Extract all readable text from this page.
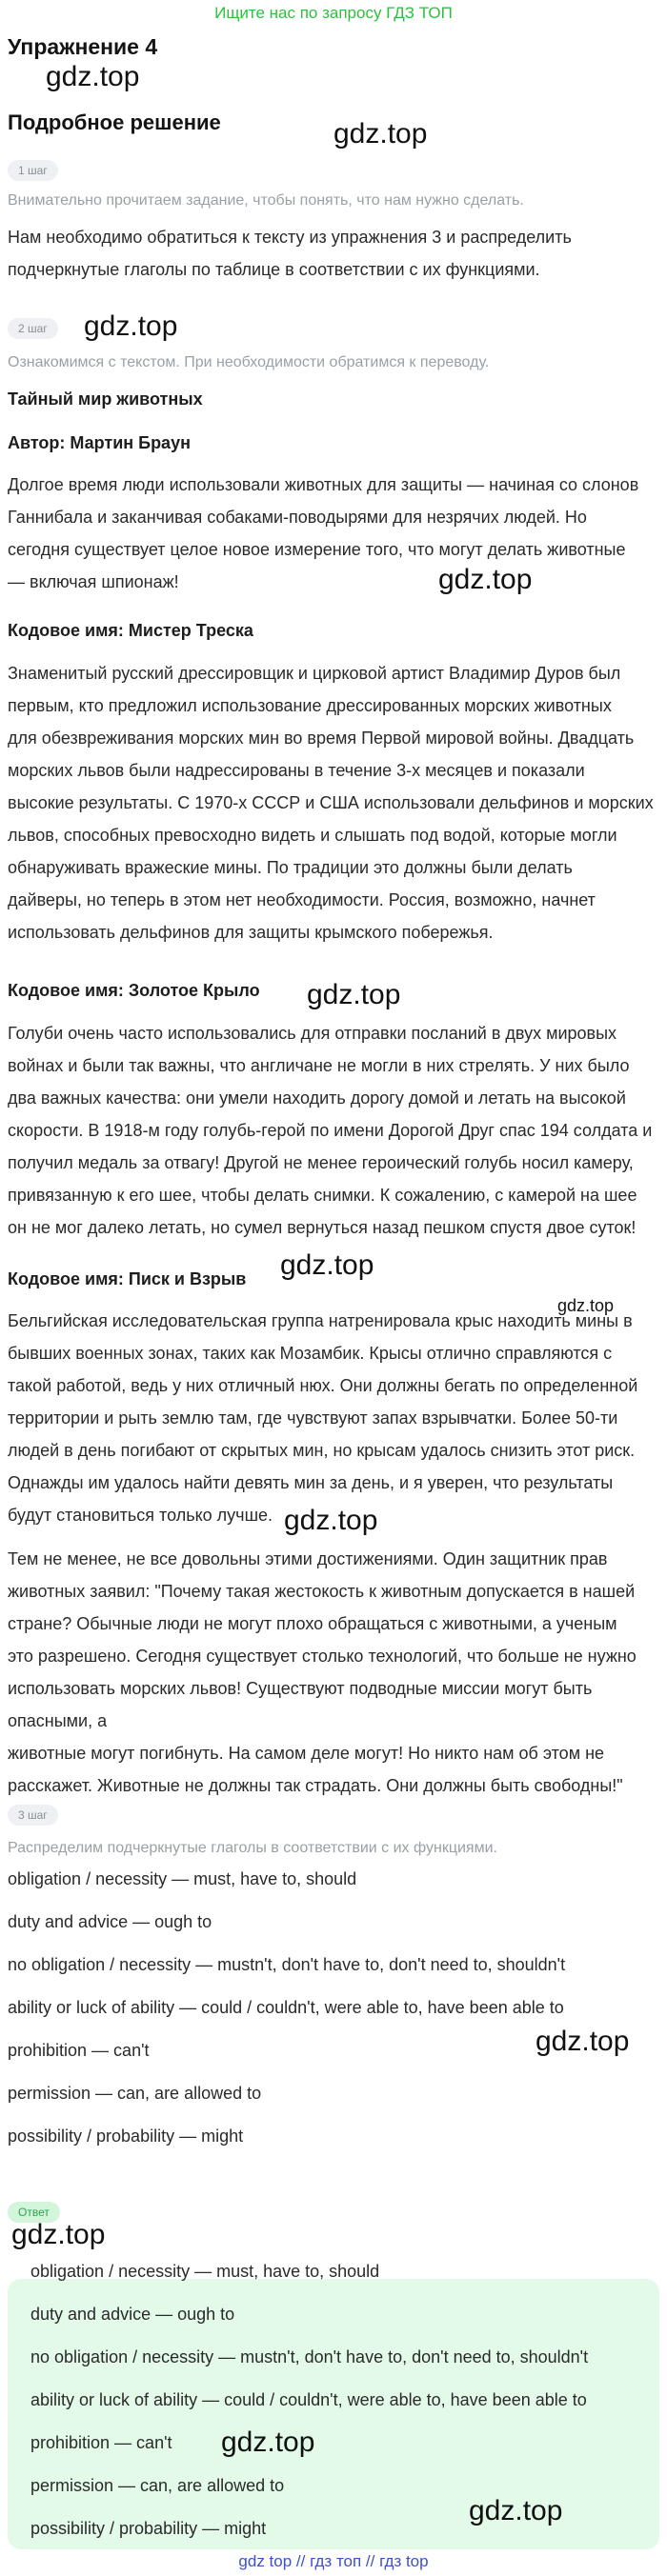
Ищите нас по запросу ГДЗ ТОП
Упражнение 4
gdz.top
Подробное решение	gdz.top
1 шаг
Внимательно прочитаем задание, чтобы понять, что нам нужно сделать.
Нам необходимо обратиться к тексту из упражнения 3 и распределить
подчеркнутые глаголы по таблице в соответствии с их функциями.
2 шаг	gdz.top
Ознакомимся с текстом. При необходимости обратимся к переводу.
Тайный мир животных
Автор: Мартин Браун
Долгое время люди использовали животных для защиты — начиная со слонов
Ганнибала и заканчивая собаками-поводырями для незрячих людей. Но
сегодня существует целое новое измерение того, что могут делать животные
— включая шпионаж!	gdz.top
Кодовое имя: Мистер Треска
Знаменитый русский дрессировщик и цирковой артист Владимир Дуров был
первым, кто предложил использование дрессированных морских животных
для обезвреживания морских мин во время Первой мировой войны. Двадцать
морских львов были надрессированы в течение 3-х месяцев и показали
высокие результаты. С 1970-х СССР и США использовали дельфинов и морских
львов, способных превосходно видеть и слышать под водой, которые могли
обнаруживать вражеские мины. По традиции это должны были делать
дайверы, но теперь в этом нет необходимости. Россия, возможно, начнет
использовать дельфинов для защиты крымского побережья.
Кодовое имя: Золотое Крыло gdz.top
Голуби очень часто использовались для отправки посланий в двух мировых
войнах и были так важны, что англичане не могли в них стрелять. У них было
два важных качества: они умели находить дорогу домой и летать на высокой
скорости. В 1918-м году голубь-герой по имени Дорогой Друг спас 194 солдата и
получил медаль за отвагу! Другой не менее героический голубь носил камеру,
привязанную к его шее, чтобы делать снимки. К сожалению, с камерой на шее
он не мог далеко летать, но сумел вернуться назад пешком спустя двое суток!
Кодовое имя: Писк и Взрыв gdz.top
gdz.top
Бельгийская исследовательская группа натренировала крыс находить мины в
бывших военных зонах, таких как Мозамбик. Крысы отлично справляются с
такой работой, ведь у них отличный нюх. Они должны бегать по определенной
территории и рыть землю там, где чувствуют запах взрывчатки. Более 50-ти
людей в день погибают от скрытых мин, но крысам удалось снизить этот риск.
Однажды им удалось найти девять мин за день, и я уверен, что результаты
будут становиться только лучше. gdz.top
Тем не менее, не все довольны этими достижениями. Один защитник прав
животных заявил: "Почему такая жестокость к животным допускается в нашей
стране? Обычные люди не могут плохо обращаться с животными, а ученым
это разрешено. Сегодня существует столько технологий, что больше не нужно
использовать морских львов! Существуют подводные миссии могут быть опасными, а
животные могут погибнуть. На самом деле могут! Но никто нам об этом не
расскажет. Животные не должны так страдать. Они должны быть свободны!"
3 шаг
Распределим подчеркнутые глаголы в соответствии с их функциями.
obligation / necessity — must, have to, should
duty and advice — ough to
no obligation / necessity — mustn't, don't have to, don't need to, shouldn't
ability or luck of ability — could / couldn't, were able to, have been able to
prohibition — can't
permission — can, are allowed to
possibility / probability — might
gdz.top
Ответ
gdz.top
obligation / necessity — must, have to, should
duty and advice — ough to
no obligation / necessity — mustn't, don't have to, don't need to, shouldn't
ability or luck of ability — could / couldn't, were able to, have been able to
prohibition — can't
permission — can, are allowed to
possibility / probability — might
gdz.top
gdz.top
gdz top // гдз топ // гдз top
